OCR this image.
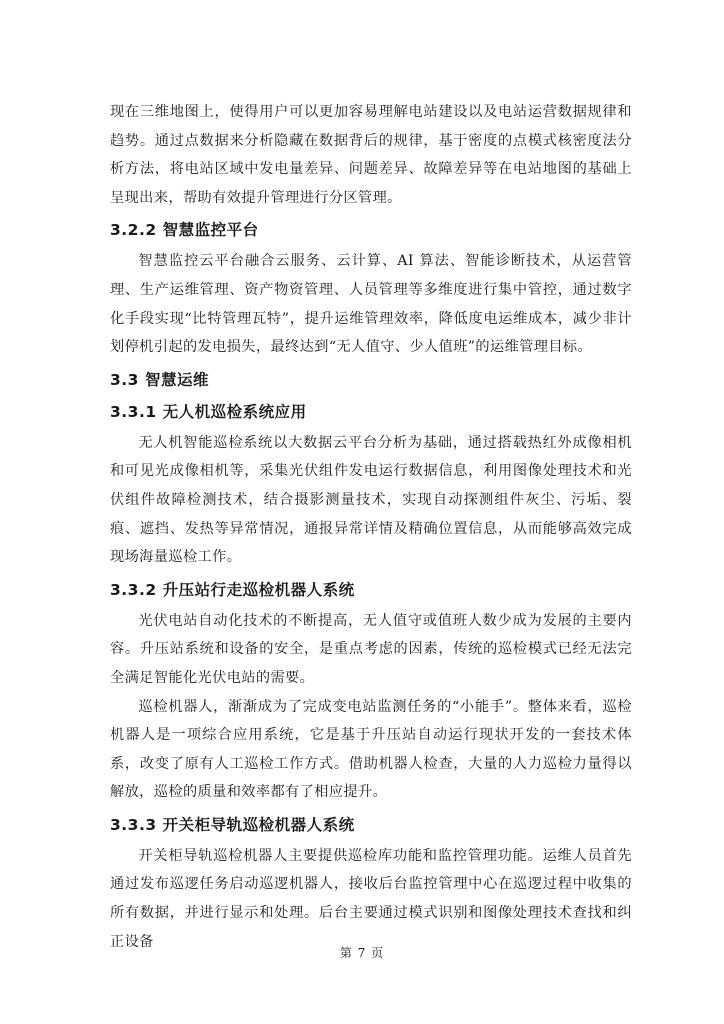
现在三维地图上，使得用户可以更加容易理解电站建设以及电站运营数据规律和趋势。通过点数据来分析隐藏在数据背后的规律，基于密度的点模式核密度法分析方法，将电站区域中发电量差异、问题差异、故障差异等在电站地图的基础上呈现出来，帮助有效提升管理进行分区管理。

3.2.2 智慧监控平台

智慧监控云平台融合云服务、云计算、AI 算法、智能诊断技术，从运营管理、生产运维管理、资产物资管理、人员管理等多维度进行集中管控，通过数字化手段实现“比特管理瓦特”，提升运维管理效率，降低度电运维成本，减少非计划停机引起的发电损失，最终达到“无人值守、少人值班”的运维管理目标。

3.3 智慧运维
3.3.1 无人机巡检系统应用

无人机智能巡检系统以大数据云平台分析为基础，通过搭载热红外成像相机和可见光成像相机等，采集光伏组件发电运行数据信息，利用图像处理技术和光伏组件故障检测技术，结合摄影测量技术，实现自动探测组件灰尘、污垢、裂痕、遮挡、发热等异常情况，通报异常详情及精确位置信息，从而能够高效完成现场海量巡检工作。

3.3.2 升压站行走巡检机器人系统

光伏电站自动化技术的不断提高，无人值守或值班人数少成为发展的主要内容。升压站系统和设备的安全，是重点考虑的因素，传统的巡检模式已经无法完全满足智能化光伏电站的需要。

巡检机器人，渐渐成为了完成变电站监测任务的“小能手”。整体来看，巡检机器人是一项综合应用系统，它是基于升压站自动运行现状开发的一套技术体系，改变了原有人工巡检工作方式。借助机器人检查，大量的人力巡检力量得以解放，巡检的质量和效率都有了相应提升。

3.3.3 开关柜导轨巡检机器人系统

开关柜导轨巡检机器人主要提供巡检库功能和监控管理功能。运维人员首先通过发布巡逻任务启动巡逻机器人，接收后台监控管理中心在巡逻过程中收集的所有数据，并进行显示和处理。后台主要通过模式识别和图像处理技术查找和纠正设备

第 7 页
